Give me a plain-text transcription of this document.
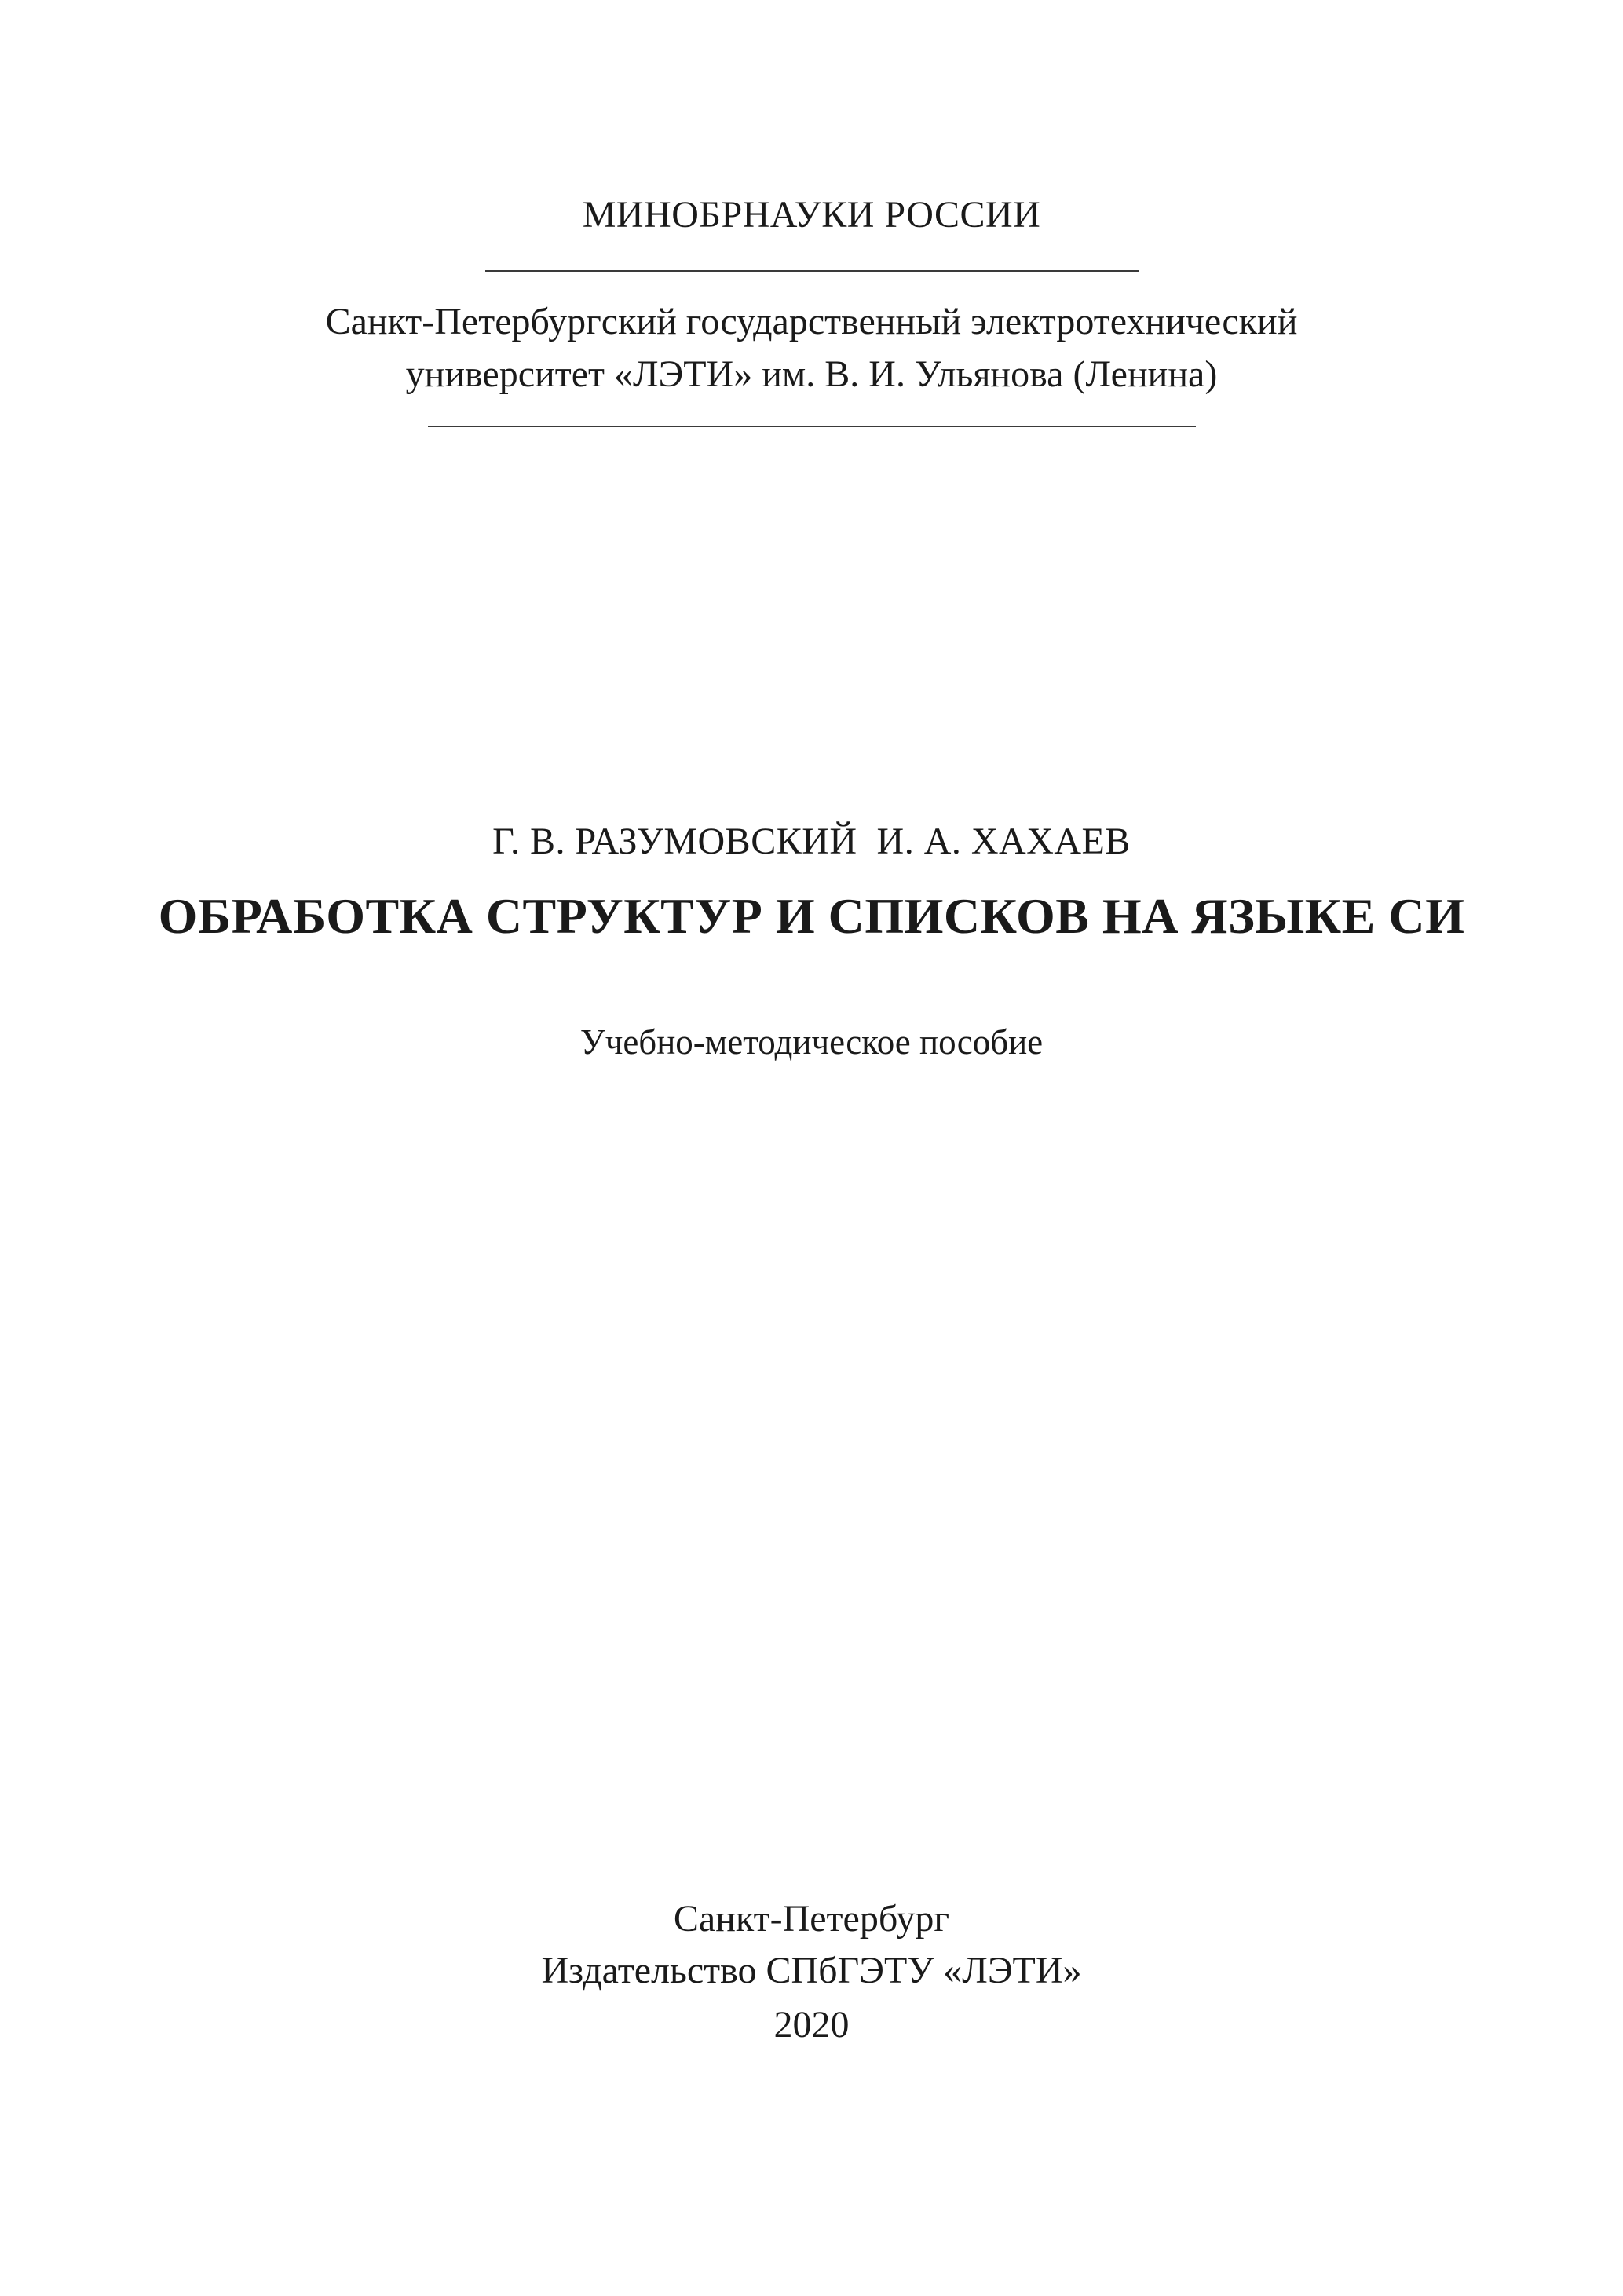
МИНОБРНАУКИ РОССИИ
Санкт-Петербургский государственный электротехнический
университет «ЛЭТИ» им. В. И. Ульянова (Ленина)
Г. В. РАЗУМОВСКИЙ  И. А. ХАХАЕВ
ОБРАБОТКА СТРУКТУР И СПИСКОВ НА ЯЗЫКЕ СИ
Учебно-методическое пособие
Санкт-Петербург
Издательство СПбГЭТУ «ЛЭТИ»
2020
